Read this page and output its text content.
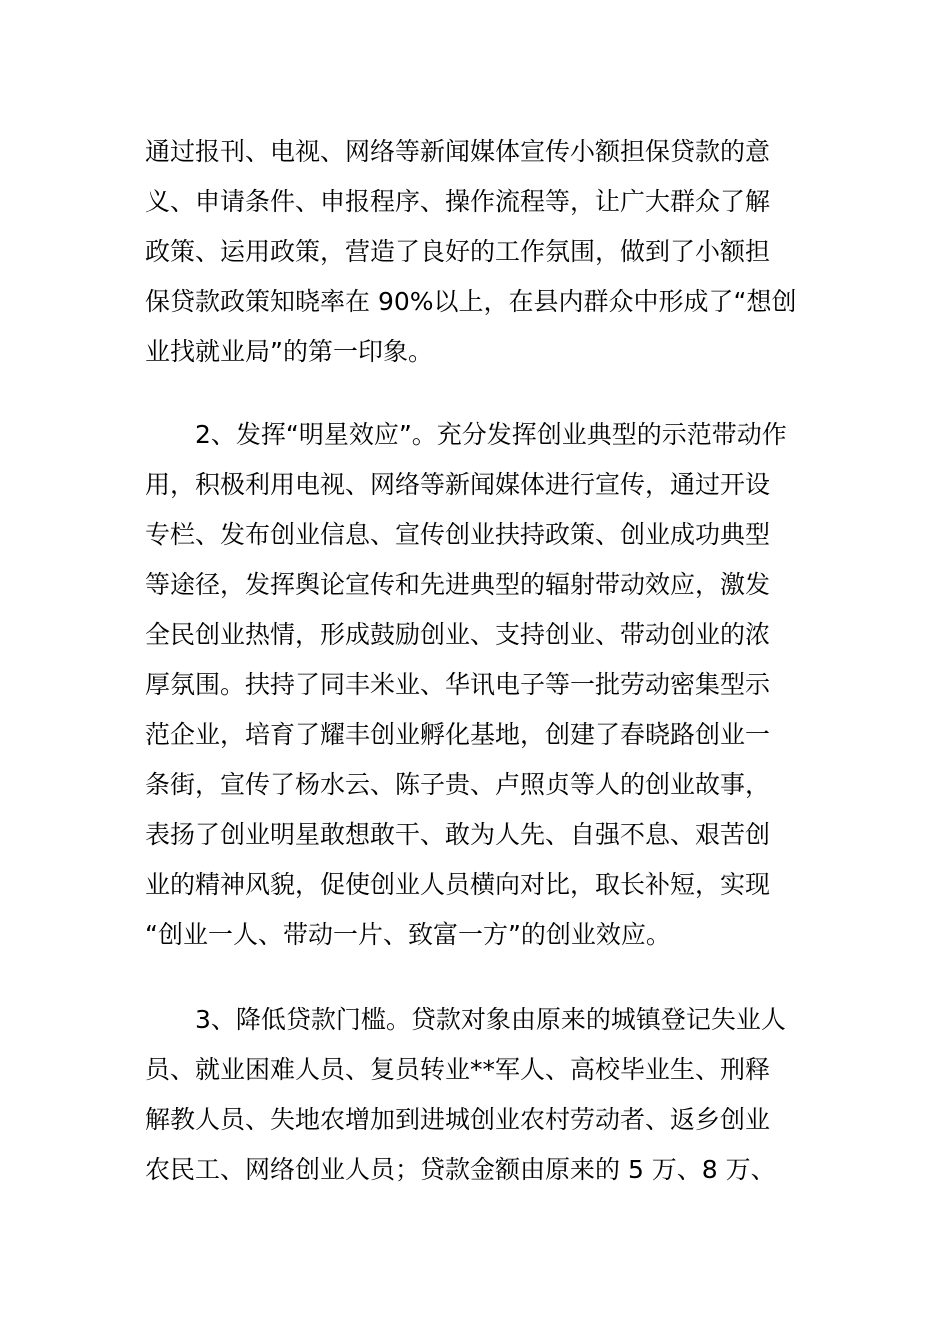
通过报刊、电视、网络等新闻媒体宣传小额担保贷款的意
义、申请条件、申报程序、操作流程等，让广大群众了解
政策、运用政策，营造了良好的工作氛围，做到了小额担
保贷款政策知晓率在 90%以上，在县内群众中形成了“想创
业找就业局”的第一印象。
2、发挥“明星效应”。充分发挥创业典型的示范带动作
用，积极利用电视、网络等新闻媒体进行宣传，通过开设
专栏、发布创业信息、宣传创业扶持政策、创业成功典型
等途径，发挥舆论宣传和先进典型的辐射带动效应，激发
全民创业热情，形成鼓励创业、支持创业、带动创业的浓
厚氛围。扶持了同丰米业、华讯电子等一批劳动密集型示
范企业，培育了耀丰创业孵化基地，创建了春晓路创业一
条街，宣传了杨水云、陈子贵、卢照贞等人的创业故事，
表扬了创业明星敢想敢干、敢为人先、自强不息、艰苦创
业的精神风貌，促使创业人员横向对比，取长补短，实现
“创业一人、带动一片、致富一方”的创业效应。
3、降低贷款门槛。贷款对象由原来的城镇登记失业人
员、就业困难人员、复员转业**军人、高校毕业生、刑释
解教人员、失地农增加到进城创业农村劳动者、返乡创业
农民工、网络创业人员；贷款金额由原来的 5 万、8 万、
